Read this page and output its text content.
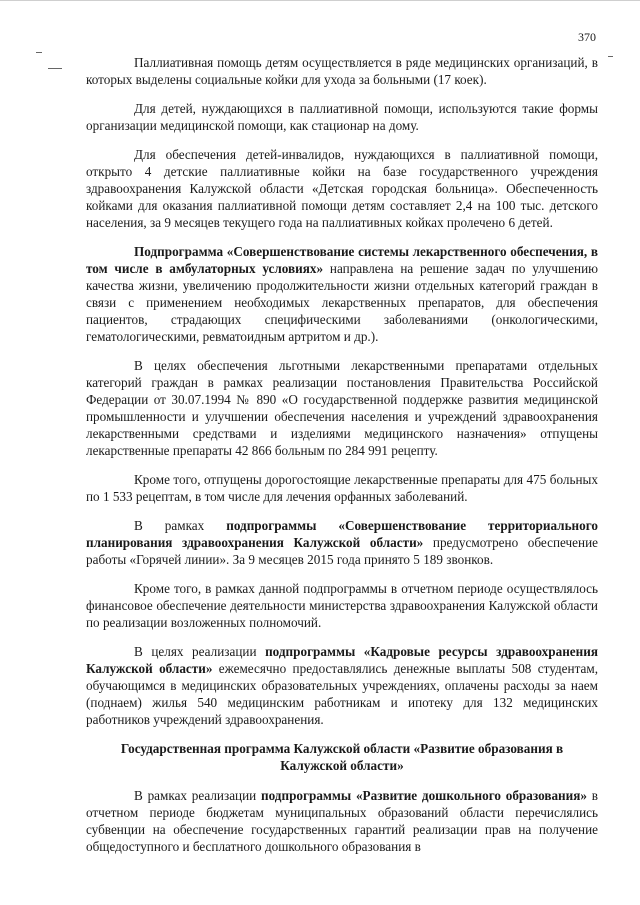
370

Паллиативная помощь детям осуществляется в ряде медицинских организаций, в которых выделены социальные койки для ухода за больными (17 коек).

Для детей, нуждающихся в паллиативной помощи, используются такие формы организации медицинской помощи, как стационар на дому.

Для обеспечения детей-инвалидов, нуждающихся в паллиативной помощи, открыто 4 детские паллиативные койки на базе государственного учреждения здравоохранения Калужской области «Детская городская больница». Обеспеченность койками для оказания паллиативной помощи детям составляет 2,4 на 100 тыс. детского населения, за 9 месяцев текущего года на паллиативных койках пролечено 6 детей.

Подпрограмма «Совершенствование системы лекарственного обеспечения, в том числе в амбулаторных условиях» направлена на решение задач по улучшению качества жизни, увеличению продолжительности жизни отдельных категорий граждан в связи с применением необходимых лекарственных препаратов, для обеспечения пациентов, страдающих специфическими заболеваниями (онкологическими, гематологическими, ревматоидным артритом и др.).

В целях обеспечения льготными лекарственными препаратами отдельных категорий граждан в рамках реализации постановления Правительства Российской Федерации от 30.07.1994 № 890 «О государственной поддержке развития медицинской промышленности и улучшении обеспечения населения и учреждений здравоохранения лекарственными средствами и изделиями медицинского назначения» отпущены лекарственные препараты 42 866 больным по 284 991 рецепту.

Кроме того, отпущены дорогостоящие лекарственные препараты для 475 больных по 1 533 рецептам, в том числе для лечения орфанных заболеваний.

В рамках подпрограммы «Совершенствование территориального планирования здравоохранения Калужской области» предусмотрено обеспечение работы «Горячей линии». За 9 месяцев 2015 года принято 5 189 звонков.

Кроме того, в рамках данной подпрограммы в отчетном периоде осуществлялось финансовое обеспечение деятельности министерства здравоохранения Калужской области по реализации возложенных полномочий.

В целях реализации подпрограммы «Кадровые ресурсы здравоохранения Калужской области» ежемесячно предоставлялись денежные выплаты 508 студентам, обучающимся в медицинских образовательных учреждениях, оплачены расходы за наем (поднаем) жилья 540 медицинским работникам и ипотеку для 132 медицинских работников учреждений здравоохранения.

Государственная программа Калужской области «Развитие образования в Калужской области»

В рамках реализации подпрограммы «Развитие дошкольного образования» в отчетном периоде бюджетам муниципальных образований области перечислялись субвенции на обеспечение государственных гарантий реализации прав на получение общедоступного и бесплатного дошкольного образования в
